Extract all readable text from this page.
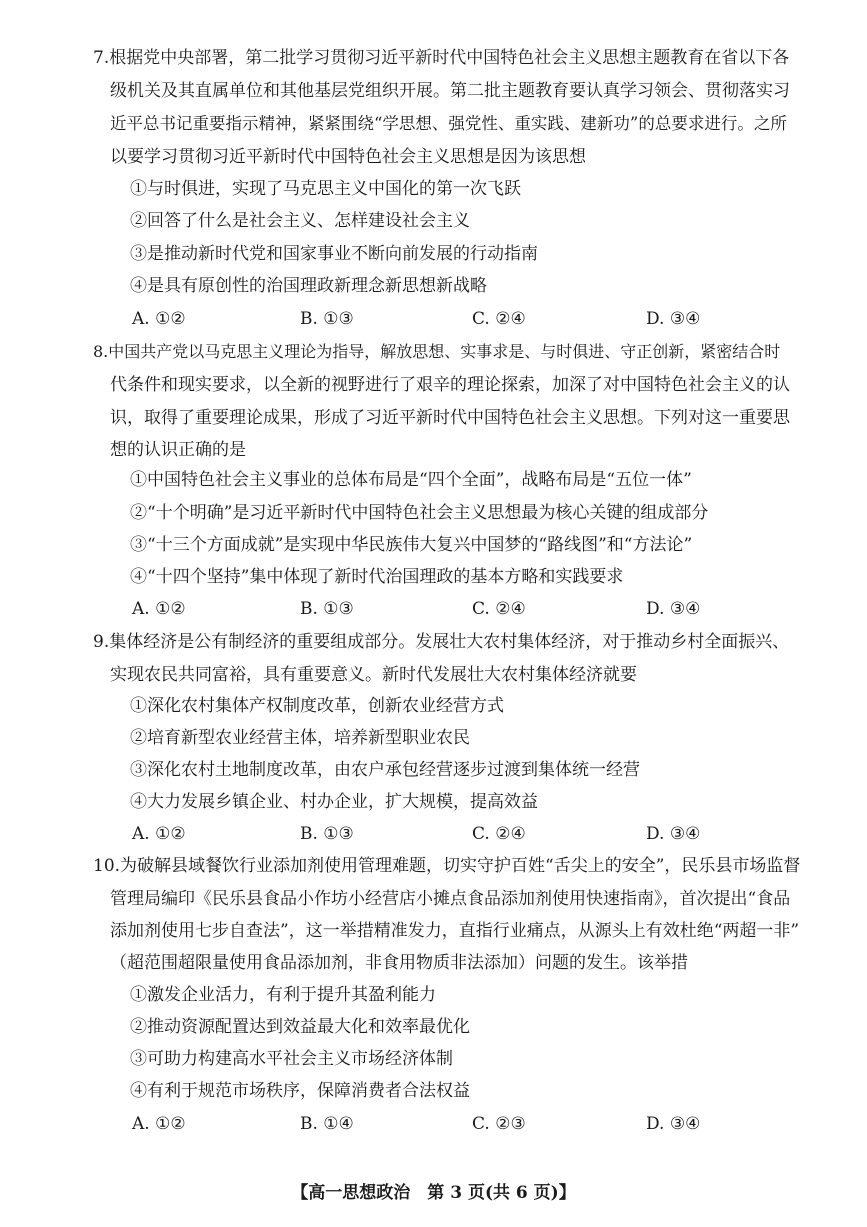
7.根据党中央部署，第二批学习贯彻习近平新时代中国特色社会主义思想主题教育在省以下各
级机关及其直属单位和其他基层党组织开展。第二批主题教育要认真学习领会、贯彻落实习
近平总书记重要指示精神，紧紧围绕“学思想、强党性、重实践、建新功”的总要求进行。之所
以要学习贯彻习近平新时代中国特色社会主义思想是因为该思想
①与时俱进，实现了马克思主义中国化的第一次飞跃
②回答了什么是社会主义、怎样建设社会主义
③是推动新时代党和国家事业不断向前发展的行动指南
④是具有原创性的治国理政新理念新思想新战略
A. ①②	B. ①③	C. ②④	D. ③④
8.中国共产党以马克思主义理论为指导，解放思想、实事求是、与时俱进、守正创新，紧密结合时
代条件和现实要求，以全新的视野进行了艰辛的理论探索，加深了对中国特色社会主义的认
识，取得了重要理论成果，形成了习近平新时代中国特色社会主义思想。下列对这一重要思
想的认识正确的是
①中国特色社会主义事业的总体布局是“四个全面”，战略布局是“五位一体”
②“十个明确”是习近平新时代中国特色社会主义思想最为核心关键的组成部分
③“十三个方面成就”是实现中华民族伟大复兴中国梦的“路线图”和“方法论”
④“十四个坚持”集中体现了新时代治国理政的基本方略和实践要求
A. ①②	B. ①③	C. ②④	D. ③④
9.集体经济是公有制经济的重要组成部分。发展壮大农村集体经济，对于推动乡村全面振兴、
实现农民共同富裕，具有重要意义。新时代发展壮大农村集体经济就要
①深化农村集体产权制度改革，创新农业经营方式
②培育新型农业经营主体，培养新型职业农民
③深化农村土地制度改革，由农户承包经营逐步过渡到集体统一经营
④大力发展乡镇企业、村办企业，扩大规模，提高效益
A. ①②	B. ①③	C. ②④	D. ③④
10.为破解县域餐饮行业添加剂使用管理难题，切实守护百姓“舌尖上的安全”，民乐县市场监督
管理局编印《民乐县食品小作坊小经营店小摊点食品添加剂使用快速指南》，首次提出“食品
添加剂使用七步自查法”，这一举措精准发力，直指行业痛点，从源头上有效杜绝“两超一非”
（超范围超限量使用食品添加剂，非食用物质非法添加）问题的发生。该举措
①激发企业活力，有利于提升其盈利能力
②推动资源配置达到效益最大化和效率最优化
③可助力构建高水平社会主义市场经济体制
④有利于规范市场秩序，保障消费者合法权益
A. ①②	B. ①④	C. ②③	D. ③④
【高一思想政治　第 3 页(共 6 页)】
